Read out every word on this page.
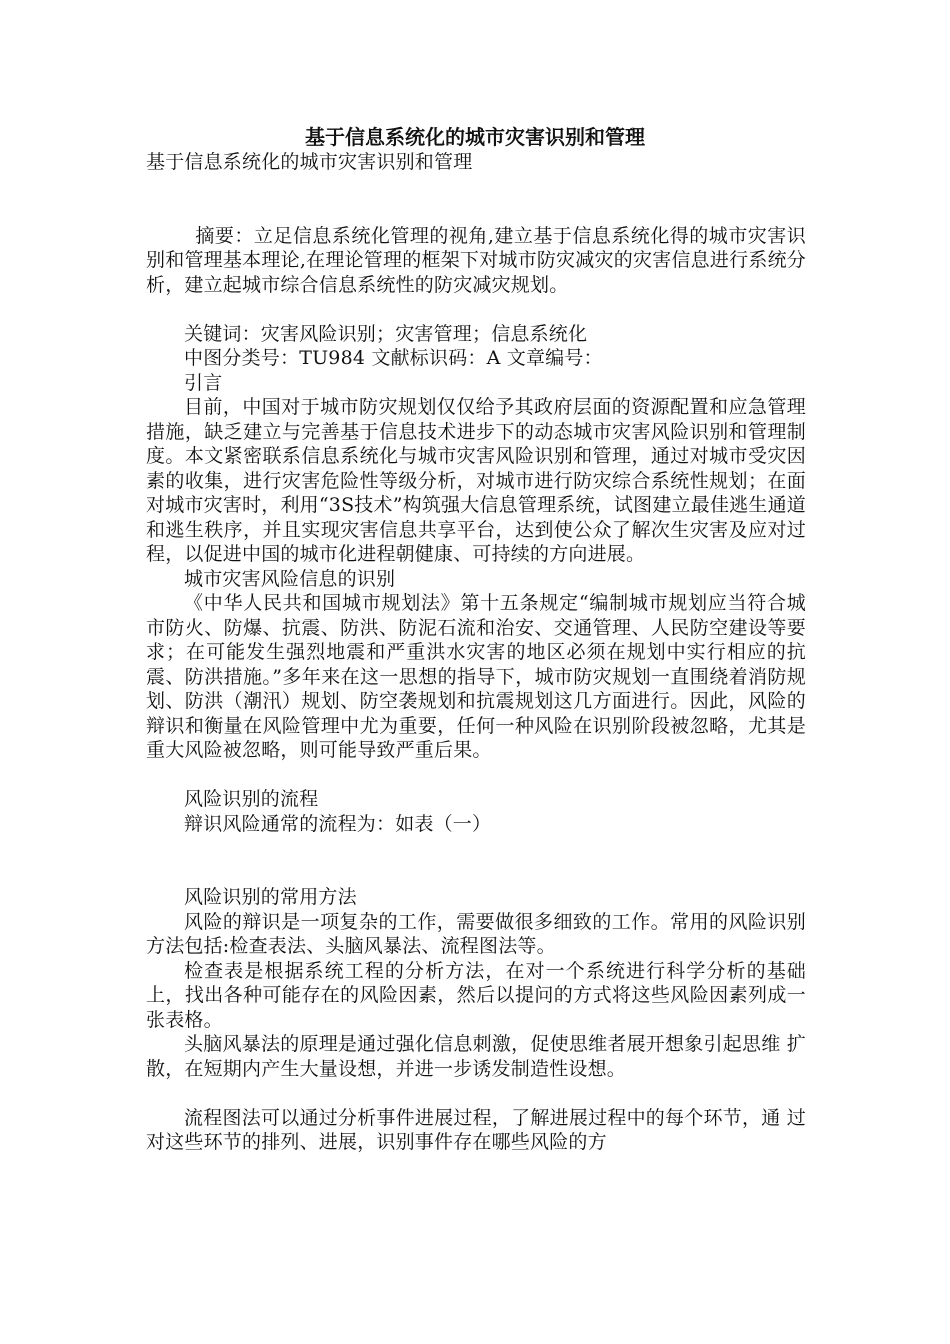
基于信息系统化的城市灾害识别和管理

基于信息系统化的城市灾害识别和管理

摘要：立足信息系统化管理的视角,建立基于信息系统化得的城市灾害识别和管理基本理论,在理论管理的框架下对城市防灾减灾的灾害信息进行系统分析，建立起城市综合信息系统性的防灾减灾规划。

关键词：灾害风险识别；灾害管理；信息系统化

中图分类号：TU984 文献标识码：A 文章编号：

引言

目前，中国对于城市防灾规划仅仅给予其政府层面的资源配置和应急管理措施，缺乏建立与完善基于信息技术进步下的动态城市灾害风险识别和管理制度。本文紧密联系信息系统化与城市灾害风险识别和管理，通过对城市受灾因素的收集，进行灾害危险性等级分析，对城市进行防灾综合系统性规划；在面对城市灾害时，利用“3S技术”构筑强大信息管理系统，试图建立最佳逃生通道和逃生秩序，并且实现灾害信息共享平台，达到使公众了解次生灾害及应对过程，以促进中国的城市化进程朝健康、可持续的方向进展。

城市灾害风险信息的识别

《中华人民共和国城市规划法》第十五条规定“编制城市规划应当符合城市防火、防爆、抗震、防洪、防泥石流和治安、交通管理、人民防空建设等要求；在可能发生强烈地震和严重洪水灾害的地区必须在规划中实行相应的抗震、防洪措施。”多年来在这一思想的指导下，城市防灾规划一直围绕着消防规划、防洪（潮汛）规划、防空袭规划和抗震规划这几方面进行。因此，风险的辩识和衡量在风险管理中尤为重要，任何一种风险在识别阶段被忽略，尤其是重大风险被忽略，则可能导致严重后果。

风险识别的流程

辩识风险通常的流程为：如表（一）

风险识别的常用方法

风险的辩识是一项复杂的工作，需要做很多细致的工作。常用的风险识别方法包括:检查表法、头脑风暴法、流程图法等。

检查表是根据系统工程的分析方法，在对一个系统进行科学分析的基础上，找出各种可能存在的风险因素，然后以提问的方式将这些风险因素列成一张表格。

头脑风暴法的原理是通过强化信息刺激，促使思维者展开想象引起思维 扩散，在短期内产生大量设想，并进一步诱发制造性设想。

流程图法可以通过分析事件进展过程，了解进展过程中的每个环节，通 过对这些环节的排列、进展，识别事件存在哪些风险的方
